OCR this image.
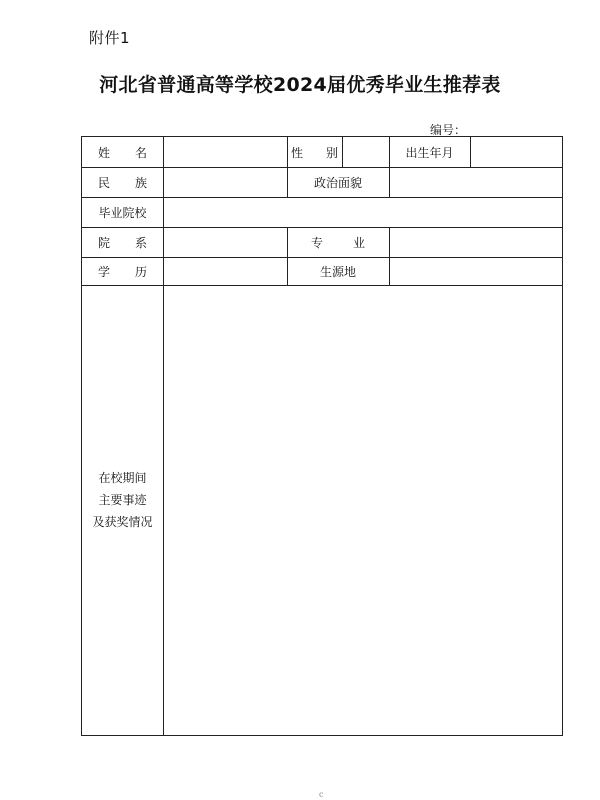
附件1
河北省普通高等学校2024届优秀毕业生推荐表
编号：
姓 名	性 别	出生年月
民 族	政治面貌
毕业院校
院 系	专 业
学 历	生源地
在校期间
主要事迹
及获奖情况
c
